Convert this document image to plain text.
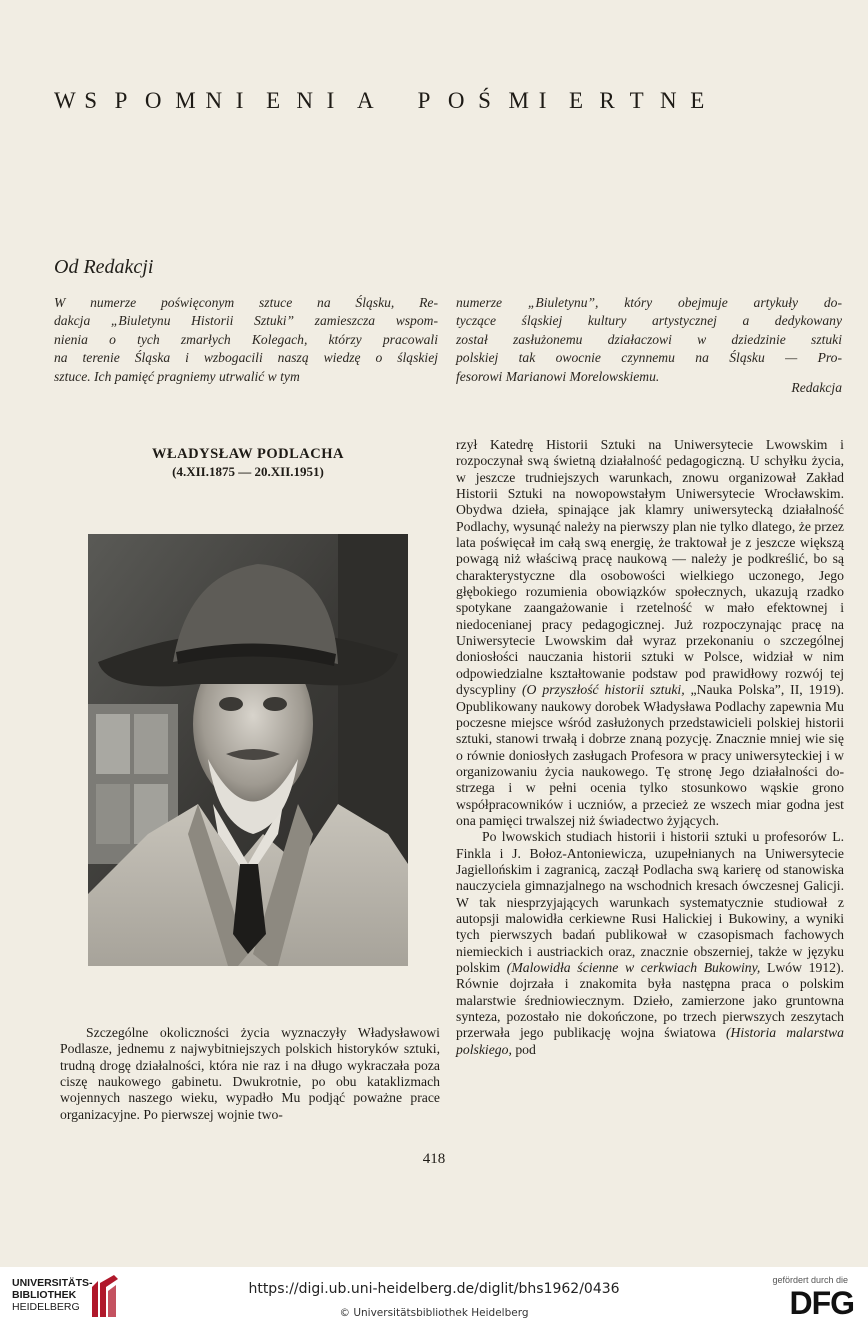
W S P O M N I E N I A P O Ś M I E R T N E
Od Redakcji
W numerze poświęconym sztuce na Śląsku, Re-
dakcja „Biuletynu Historii Sztuki” zamieszcza wspom-
nienia o tych zmarłych Kolegach, którzy pracowali
na terenie Śląska i wzbogacili naszą wiedzę o śląskiej
sztuce. Ich pamięć pragniemy utrwalić w tym
numerze „Biuletynu”, który obejmuje artykuły do-
tyczące śląskiej kultury artystycznej a dedykowany
został zasłużonemu działaczowi w dziedzinie sztuki
polskiej tak owocnie czynnemu na Śląsku — Pro-
fesorowi Marianowi Morelowskiemu.
Redakcja
WŁADYSŁAW PODLACHA
(4.XII.1875 — 20.XII.1951)

Szczególne okoliczności życia wyznaczyły Władysławowi Podlasze, jednemu z najwybitniejszych polskich historyków sztuki, trudną drogę działalności, która nie raz i na długo wykraczała poza ciszę naukowego gabinetu. Dwukrotnie, po obu kataklizmach wojennych naszego wieku, wypadło Mu podjąć poważne prace organizacyjne. Po pierwszej wojnie two-

rzył Katedrę Historii Sztuki na Uniwersytecie Lwowskim i rozpoczynał swą świetną działalność pedagogiczną. U schyłku życia, w jeszcze trudniejszych warunkach, znowu organizował Zakład Historii Sztuki na nowopowstałym Uniwersytecie Wrocławskim. Obydwa dzieła, spinające jak klamry uniwersytecką działalność Podlachy, wysunąć należy na pierwszy plan nie tylko dlatego, że przez lata poświęcał im całą swą energię, że traktował je z jeszcze większą powagą niż właściwą pracę naukową — należy je podkreślić, bo są charakterystyczne dla osobowości wielkiego uczonego, Jego głębokiego rozumienia obowiązków społecznych, ukazują rzadko spotykane zaangażowanie i rzetelność w mało efektownej i niedocenianej pracy pedagogicznej. Już rozpoczynając pracę na Uniwersytecie Lwowskim dał wyraz przekonaniu o szczególnej doniosłości nauczania historii sztuki w Polsce, widział w nim odpowiedzialne kształtowanie podstaw pod prawidłowy rozwój tej dyscypliny (O przyszłość historii sztuki, „Nauka Polska”, II, 1919). Opublikowany naukowy dorobek Władysława Podlachy zapewnia Mu poczesne miejsce wśród zasłużonych przedstawicieli polskiej historii sztuki, stanowi trwałą i dobrze znaną pozycję. Znacznie mniej wie się o równie doniosłych zasługach Profesora w pracy uniwersyteckiej i w organizowaniu życia naukowego. Tę stronę Jego działalności dostrzega i w pełni ocenia tylko stosunkowo wąskie grono współpracowników i uczniów, a przecież ze wszech miar godna jest ona pamięci trwalszej niż świadectwo żyjących.

Po lwowskich studiach historii i historii sztuki u profesorów L. Finkla i J. Bołoz-Antoniewicza, uzupełnianych na Uniwersytecie Jagiellońskim i zagranicą, zaczął Podlacha swą karierę od stanowiska nauczyciela gimnazjalnego na wschodnich kresach ówczesnej Galicji. W tak niesprzyjających warunkach systematycznie studiował z autopsji malowidła cerkiewne Rusi Halickiej i Bukowiny, a wyniki tych pierwszych badań publikował w czasopismach fachowych niemieckich i austriackich oraz, znacznie obszerniej, także w języku polskim (Malowidła ścienne w cerkwiach Bukowiny, Lwów 1912). Równie dojrzała i znakomita była następna praca o polskim malarstwie średniowiecznym. Dzieło, zamierzone jako gruntowna synteza, pozostało nie dokończone, po trzech pierwszych zeszytach przerwała jego publikację wojna światowa (Historia malarstwa polskiego, pod

418
UNIVERSITÄTS-
BIBLIOTHEK
HEIDELBERG
https://digi.ub.uni-heidelberg.de/diglit/bhs1962/0436
© Universitätsbibliothek Heidelberg
gefördert durch die
DFG
